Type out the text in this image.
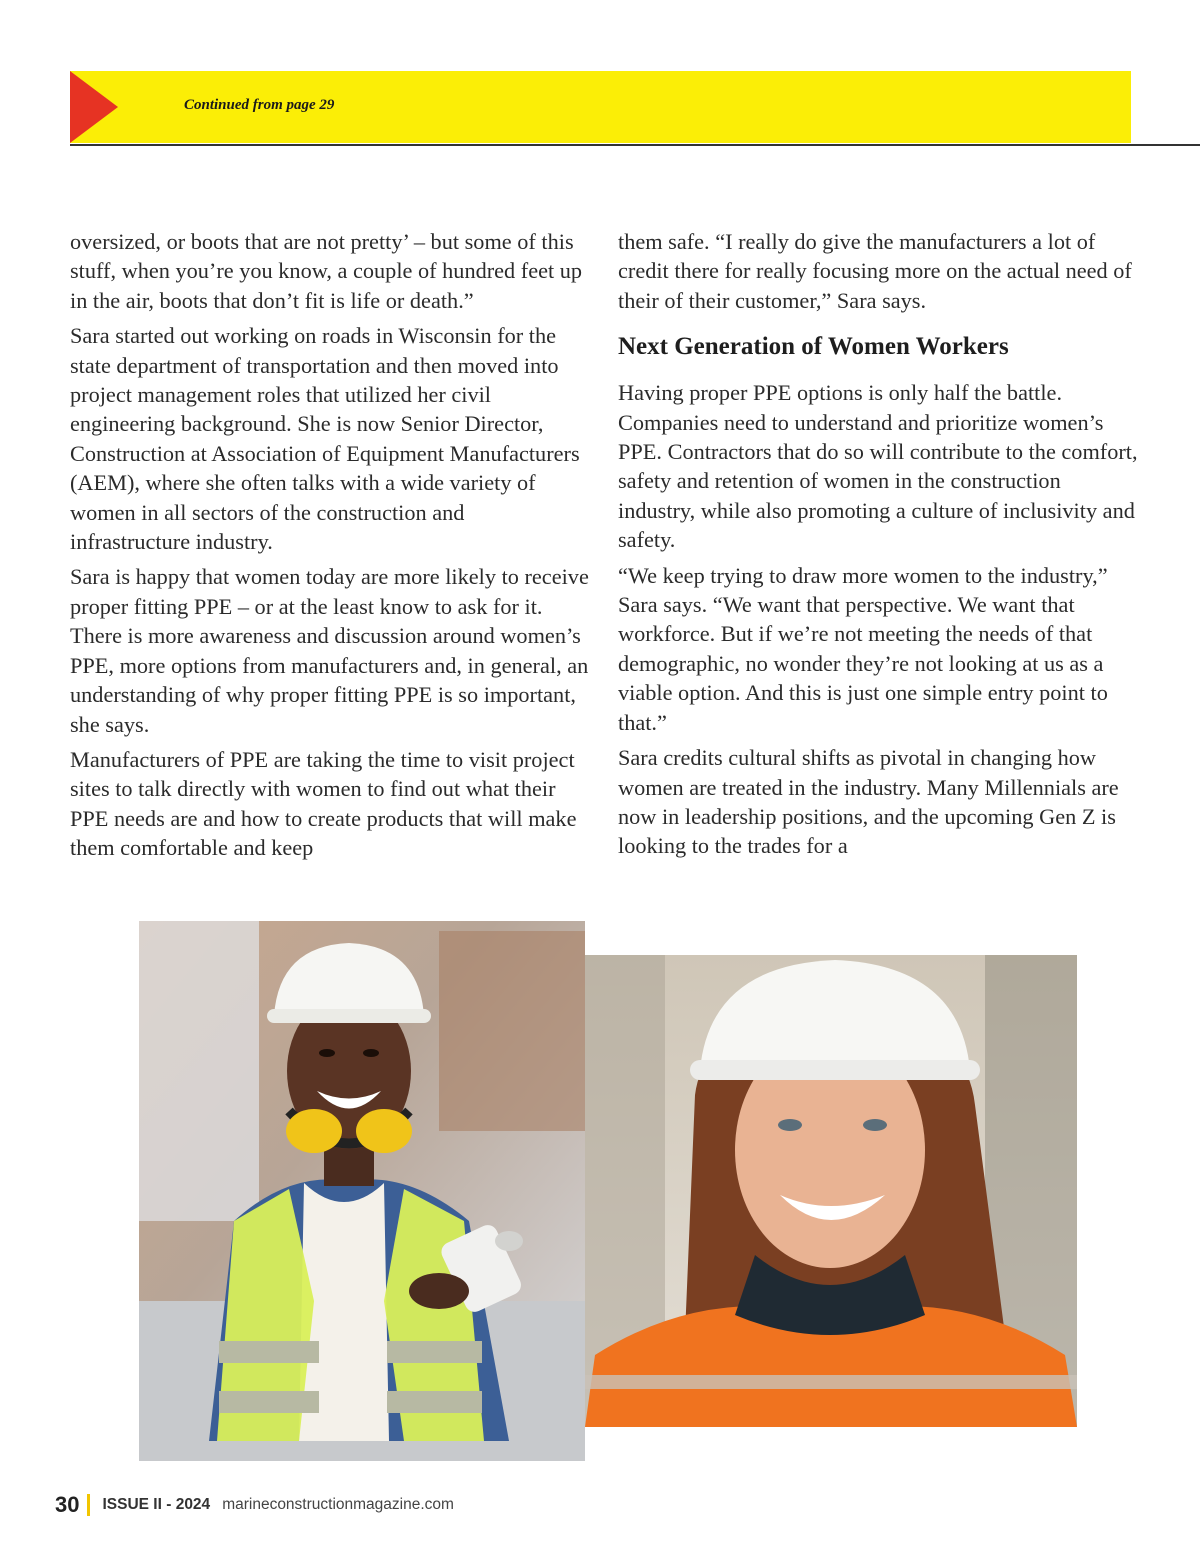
Continued from page 29

oversized, or boots that are not pretty’ – but some of this stuff, when you’re you know, a couple of hundred feet up in the air, boots that don’t fit is life or death.”

Sara started out working on roads in Wisconsin for the state department of transportation and then moved into project management roles that utilized her civil engineering background. She is now Senior Director, Construction at Association of Equipment Manufacturers (AEM), where she often talks with a wide variety of women in all sectors of the construction and infrastructure industry.

Sara is happy that women today are more likely to receive proper fitting PPE – or at the least know to ask for it. There is more awareness and discussion around women’s PPE, more options from manufacturers and, in general, an understanding of why proper fitting PPE is so important, she says.

Manufacturers of PPE are taking the time to visit project sites to talk directly with women to find out what their PPE needs are and how to create products that will make them comfortable and keep

them safe. “I really do give the manufacturers a lot of credit there for really focusing more on the actual need of their of their customer,” Sara says.

Next Generation of Women Workers

Having proper PPE options is only half the battle. Companies need to understand and prioritize women’s PPE. Contractors that do so will contribute to the comfort, safety and retention of women in the construction industry, while also promoting a culture of inclusivity and safety.

“We keep trying to draw more women to the industry,” Sara says. “We want that perspective. We want that workforce. But if we’re not meeting the needs of that demographic, no wonder they’re not looking at us as a viable option. And this is just one simple entry point to that.”

Sara credits cultural shifts as pivotal in changing how women are treated in the industry. Many Millennials are now in leadership positions, and the upcoming Gen Z is looking to the trades for a

30 ISSUE II - 2024 marineconstructionmagazine.com
